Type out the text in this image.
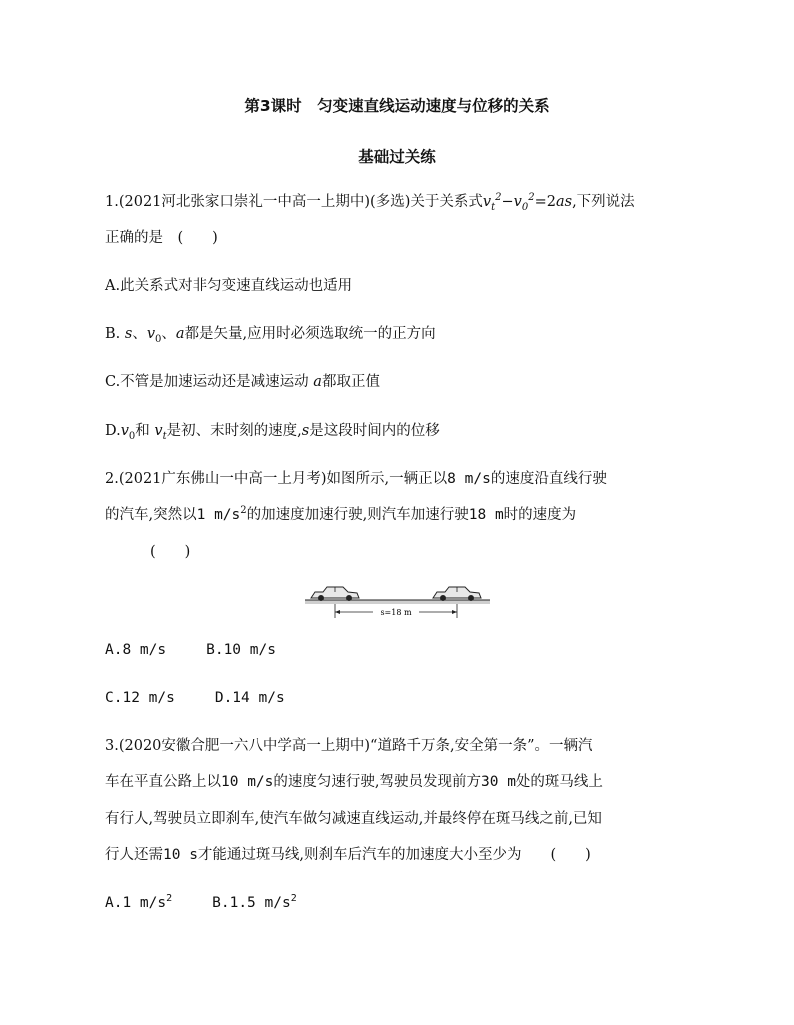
第3课时　匀变速直线运动速度与位移的关系
基础过关练
1.(2021河北张家口崇礼一中高一上期中)(多选)关于关系式$v_t^2-v_0^2=2as$,下列说法
正确的是　(　　)
A.此关系式对非匀变速直线运动也适用
B. s、$v_0$、a都是矢量,应用时必须选取统一的正方向
C.不管是加速运动还是减速运动 a都取正值
$D.v_0$和 $v_t$是初、末时刻的速度,s是这段时间内的位移
2.(2021广东佛山一中高一上月考)如图所示,一辆正以8 m/s的速度沿直线行驶
的汽车,突然以1 $m/s^2$的加速度加速行驶,则汽车加速行驶18 m时的速度为
(　　)
s=18 m
A.8 m/s	B.10 m/s
C.12 m/s	D.14 m/s
3.(2020安徽合肥一六八中学高一上期中)“道路千万条,安全第一条”。一辆汽
车在平直公路上以10 m/s的速度匀速行驶,驾驶员发现前方30 m处的斑马线上
有行人,驾驶员立即刹车,使汽车做匀减速直线运动,并最终停在斑马线之前,已知
行人还需10 s才能通过斑马线,则刹车后汽车的加速度大小至少为　　(　　)
A.1 $m/s^2$	B.1.5 $m/s^2$
